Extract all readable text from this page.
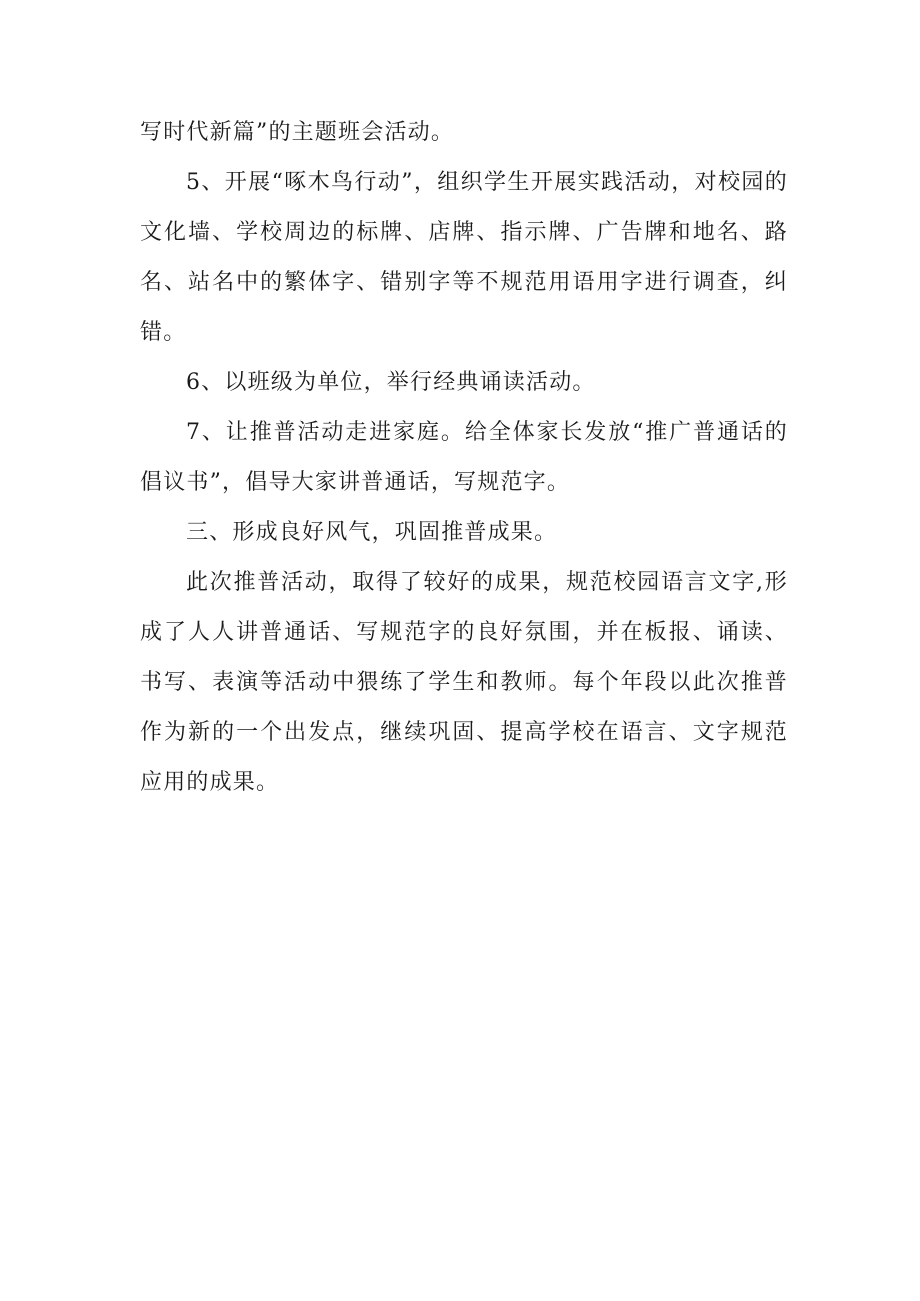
写时代新篇”的主题班会活动。

5、开展“啄木鸟行动”，组织学生开展实践活动，对校园的文化墙、学校周边的标牌、店牌、指示牌、广告牌和地名、路名、站名中的繁体字、错别字等不规范用语用字进行调查，纠错。

6、以班级为单位，举行经典诵读活动。

7、让推普活动走进家庭。给全体家长发放“推广普通话的倡议书”，倡导大家讲普通话，写规范字。

三、形成良好风气，巩固推普成果。

此次推普活动，取得了较好的成果，规范校园语言文字,形成了人人讲普通话、写规范字的良好氛围，并在板报、诵读、书写、表演等活动中猥练了学生和教师。每个年段以此次推普作为新的一个出发点，继续巩固、提高学校在语言、文字规范应用的成果。
